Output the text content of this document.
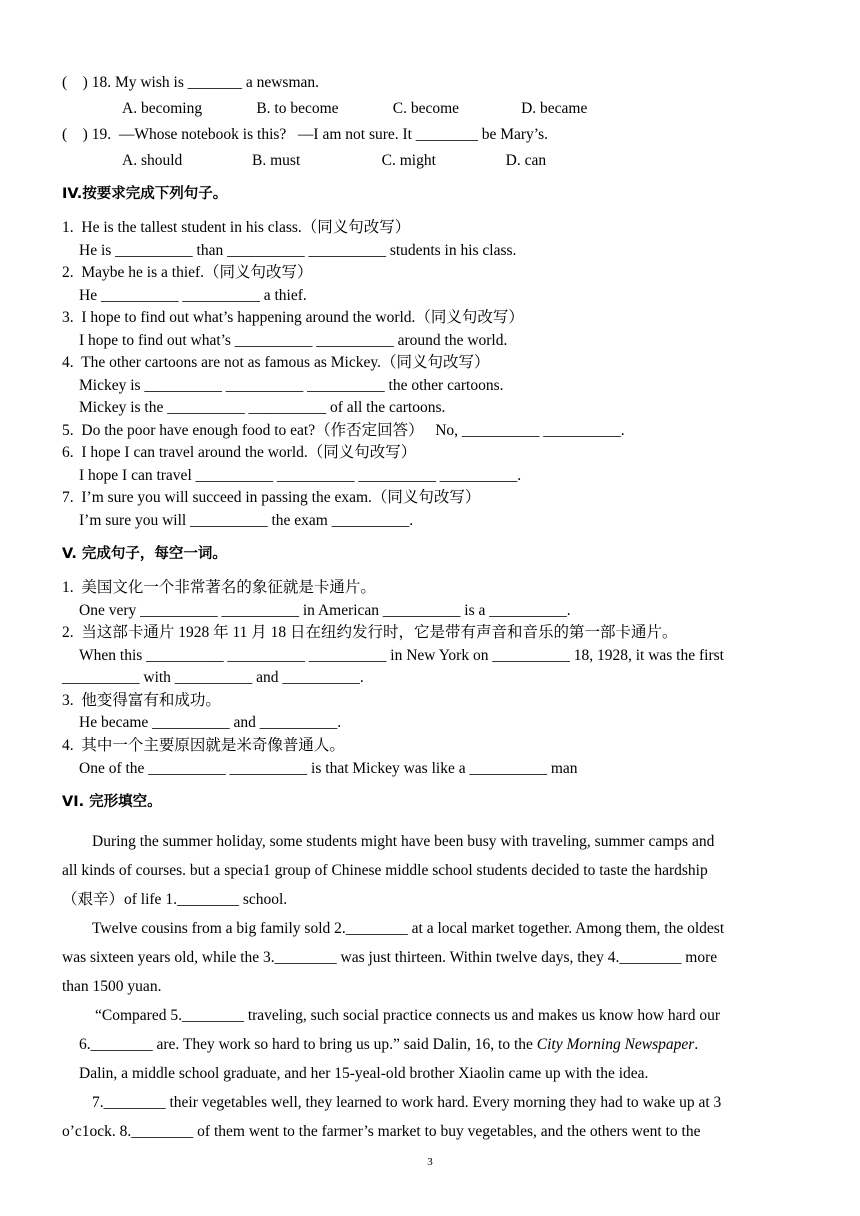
(    ) 18. My wish is _______ a newsman.
A. becoming              B. to become              C. become                D. became
(    ) 19.  —Whose notebook is this?   —I am not sure. It ________ be Mary’s.
A. should                  B. must                     C. might                  D. can
IV.按要求完成下列句子。
1.  He is the tallest student in his class.（同义句改写）
He is __________ than __________ __________ students in his class.
2.  Maybe he is a thief.（同义句改写）
He __________ __________ a thief.
3.  I hope to find out what’s happening around the world.（同义句改写）
I hope to find out what’s __________ __________ around the world.
4.  The other cartoons are not as famous as Mickey.（同义句改写）
Mickey is __________ __________ __________ the other cartoons.
Mickey is the __________ __________ of all the cartoons.
5.  Do the poor have enough food to eat?（作否定回答）   No, __________ __________.
6.  I hope I can travel around the world.（同义句改写）
I hope I can travel __________ __________ __________ __________.
7.  I’m sure you will succeed in passing the exam.（同义句改写）
I’m sure you will __________ the exam __________.
V. 完成句子，每空一词。
1.  美国文化一个非常著名的象征就是卡通片。
One very __________ __________ in American __________ is a __________.
2.  当这部卡通片 1928 年 11 月 18 日在纽约发行时，它是带有声音和音乐的第一部卡通片。
When this __________ __________ __________ in New York on __________ 18, 1928, it was the first
__________ with __________ and __________.
3.  他变得富有和成功。
He became __________ and __________.
4.  其中一个主要原因就是米奇像普通人。
One of the __________ __________ is that Mickey was like a __________ man
VI. 完形填空。
During the summer holiday, some students might have been busy with traveling, summer camps and
all kinds of courses. but a specia1 group of Chinese middle school students decided to taste the hardship
（艰辛）of life 1.________ school.
Twelve cousins from a big family sold 2.________ at a local market together. Among them, the oldest
was sixteen years old, while the 3.________ was just thirteen. Within twelve days, they 4.________ more
than 1500 yuan.
“Compared 5.________ traveling, such social practice connects us and makes us know how hard our
6.________ are. They work so hard to bring us up.” said Dalin, 16, to the City Morning Newspaper.
Dalin, a middle school graduate, and her 15-yeal-old brother Xiaolin came up with the idea.
7.________ their vegetables well, they learned to work hard. Every morning they had to wake up at 3
o’c1ock. 8.________ of them went to the farmer’s market to buy vegetables, and the others went to the
3
